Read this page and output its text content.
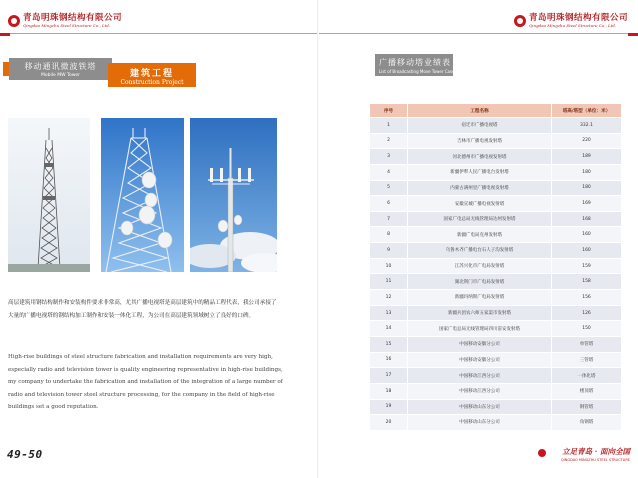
青岛明珠钢结构有限公司
Qingdao Mingzhu Steel Structure Co., Ltd.
移动通讯微波铁塔
Mobile MW Tower	建筑工程
Construction Project
高层建筑用钢结构制作和安装构件要求非常高，尤其广播电视塔是高层建筑中的精品工程代表，我公司承接了大量的广播电视塔的钢结构加工制作和安装一体化工程，为公司在高层建筑领域树立了良好的口碑。
High-rise buildings of steel structure fabrication and installation requirements are very high, especially radio and television tower is quality engineering representative in high-rise buildings, my company to undertake the fabrication and installation of the integration of a large number of radio and television tower steel structure processing, for the company in the field of high-rise buildings set a good reputation.
49-50
青岛明珠钢结构有限公司
Qingdao Mingzhu Steel Structure Co., Ltd.
广播移动塔业绩表
List of Broadcasting Move Tower Cases
序号	工程名称	塔高/塔型（单位：米）
1	宿迁市广播电视塔	332.1
2	吉林市广播电视发射塔	220
3	河北德州市广播电视发射塔	189
4	新疆伊犁人民广播电台发射塔	180
5	内蒙古满州里广播电视发射塔	180
6	安徽宣城广播电视发射塔	169
7	国家广电总局无线管理局达州发射塔	168
8	新疆广电局克州发射塔	160
9	乌鲁木齐广播电台石人子沟发射塔	160
10	江苏兴化市广电局发射塔	159
11	湖北荆门市广电局发射塔	158
12	新疆玛纳斯广电局发射塔	156
13	新疆兵团农六师五家渠市发射塔	126
14	国家广电总局无线管理局四川雷安发射塔	150
15	中国移动安徽分公司	单管塔
16	中国移动安徽分公司	三管塔
17	中国移动江西分公司	一体化塔
18	中国移动江西分公司	楼顶塔
19	中国移动山东分公司	钢管塔
20	中国移动山东分公司	角钢塔
立足青岛 · 面向全国
QINGDAO MINGZHU STEEL STRUCTURE
